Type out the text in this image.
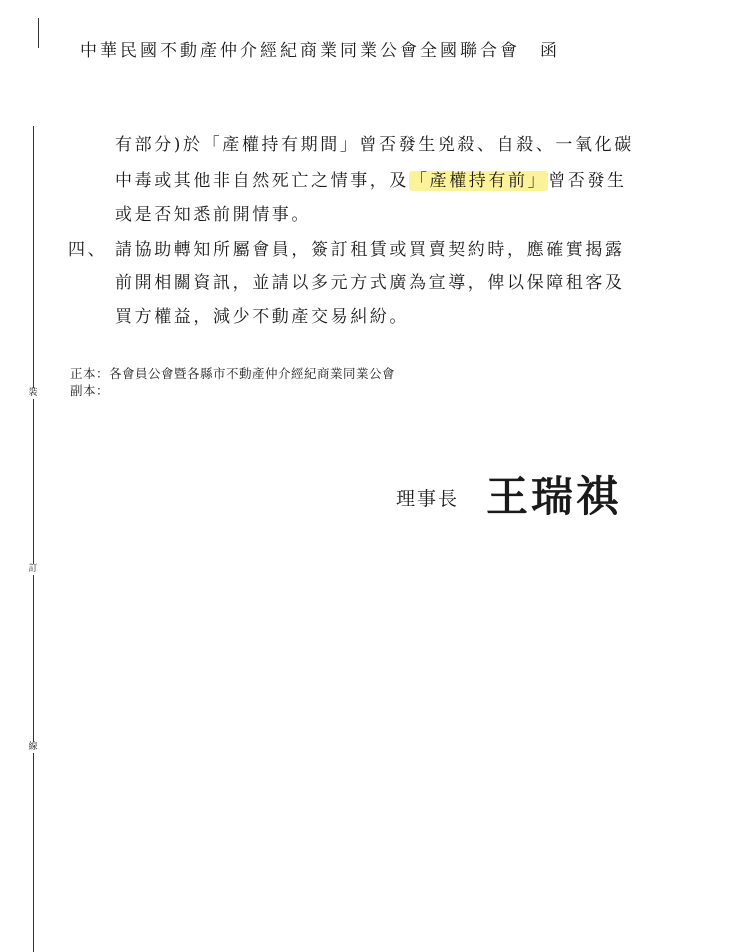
中華民國不動產仲介經紀商業同業公會全國聯合會　函
裝
訂
線
有部分)於「產權持有期間」曾否發生兇殺、自殺、一氧化碳
中毒或其他非自然死亡之情事，及「產權持有前」曾否發生
或是否知悉前開情事。
四、 請協助轉知所屬會員，簽訂租賃或買賣契約時，應確實揭露
前開相關資訊，並請以多元方式廣為宣導，俾以保障租客及
買方權益，減少不動產交易糾紛。
正本：各會員公會暨各縣市不動產仲介經紀商業同業公會
副本：
理事長 王瑞祺
